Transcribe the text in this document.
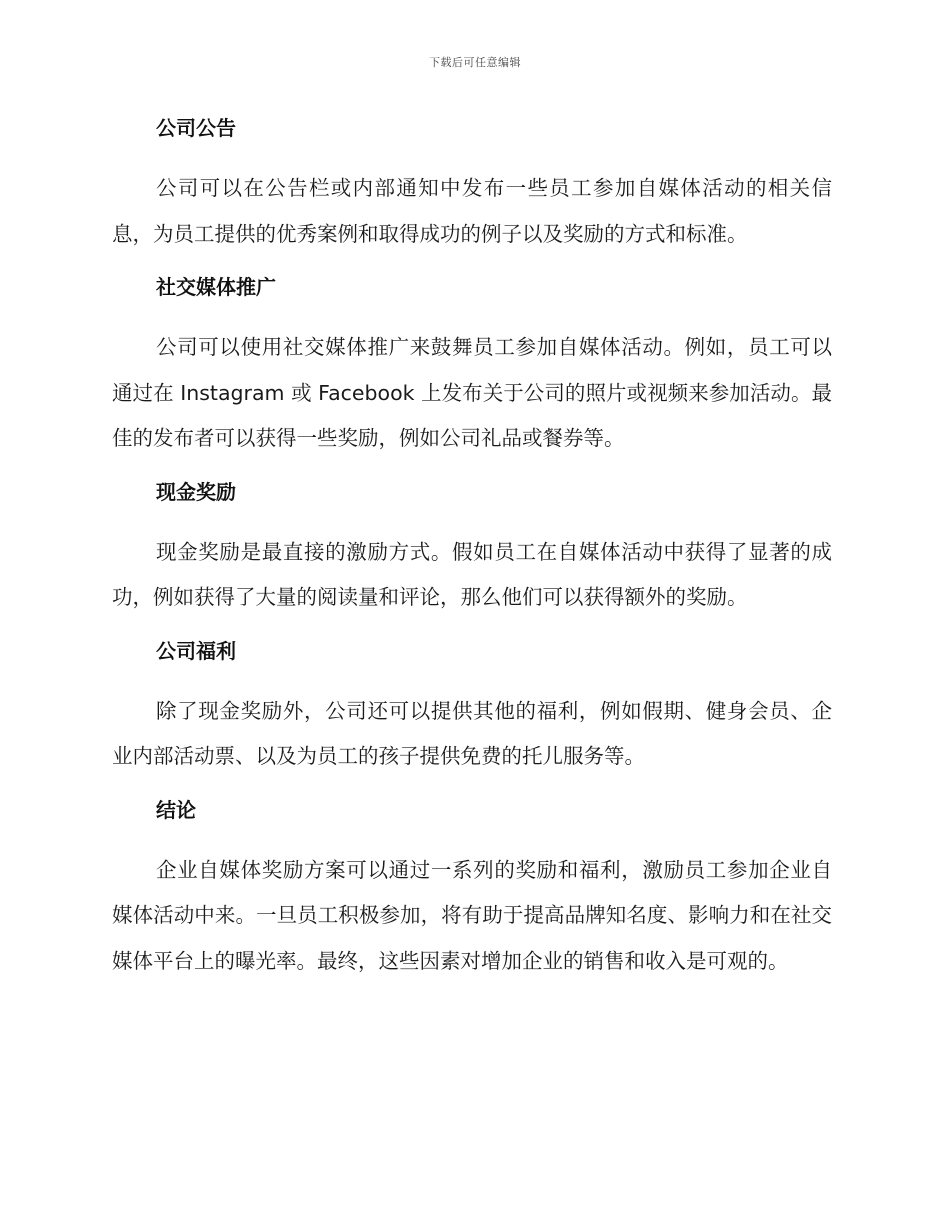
下载后可任意编辑
公司公告

公司可以在公告栏或内部通知中发布一些员工参加自媒体活动的相关信息，为员工提供的优秀案例和取得成功的例子以及奖励的方式和标准。

社交媒体推广

公司可以使用社交媒体推广来鼓舞员工参加自媒体活动。例如，员工可以通过在 Instagram 或 Facebook 上发布关于公司的照片或视频来参加活动。最佳的发布者可以获得一些奖励，例如公司礼品或餐券等。

现金奖励

现金奖励是最直接的激励方式。假如员工在自媒体活动中获得了显著的成功，例如获得了大量的阅读量和评论，那么他们可以获得额外的奖励。

公司福利

除了现金奖励外，公司还可以提供其他的福利，例如假期、健身会员、企业内部活动票、以及为员工的孩子提供免费的托儿服务等。

结论

企业自媒体奖励方案可以通过一系列的奖励和福利，激励员工参加企业自媒体活动中来。一旦员工积极参加，将有助于提高品牌知名度、影响力和在社交媒体平台上的曝光率。最终，这些因素对增加企业的销售和收入是可观的。
